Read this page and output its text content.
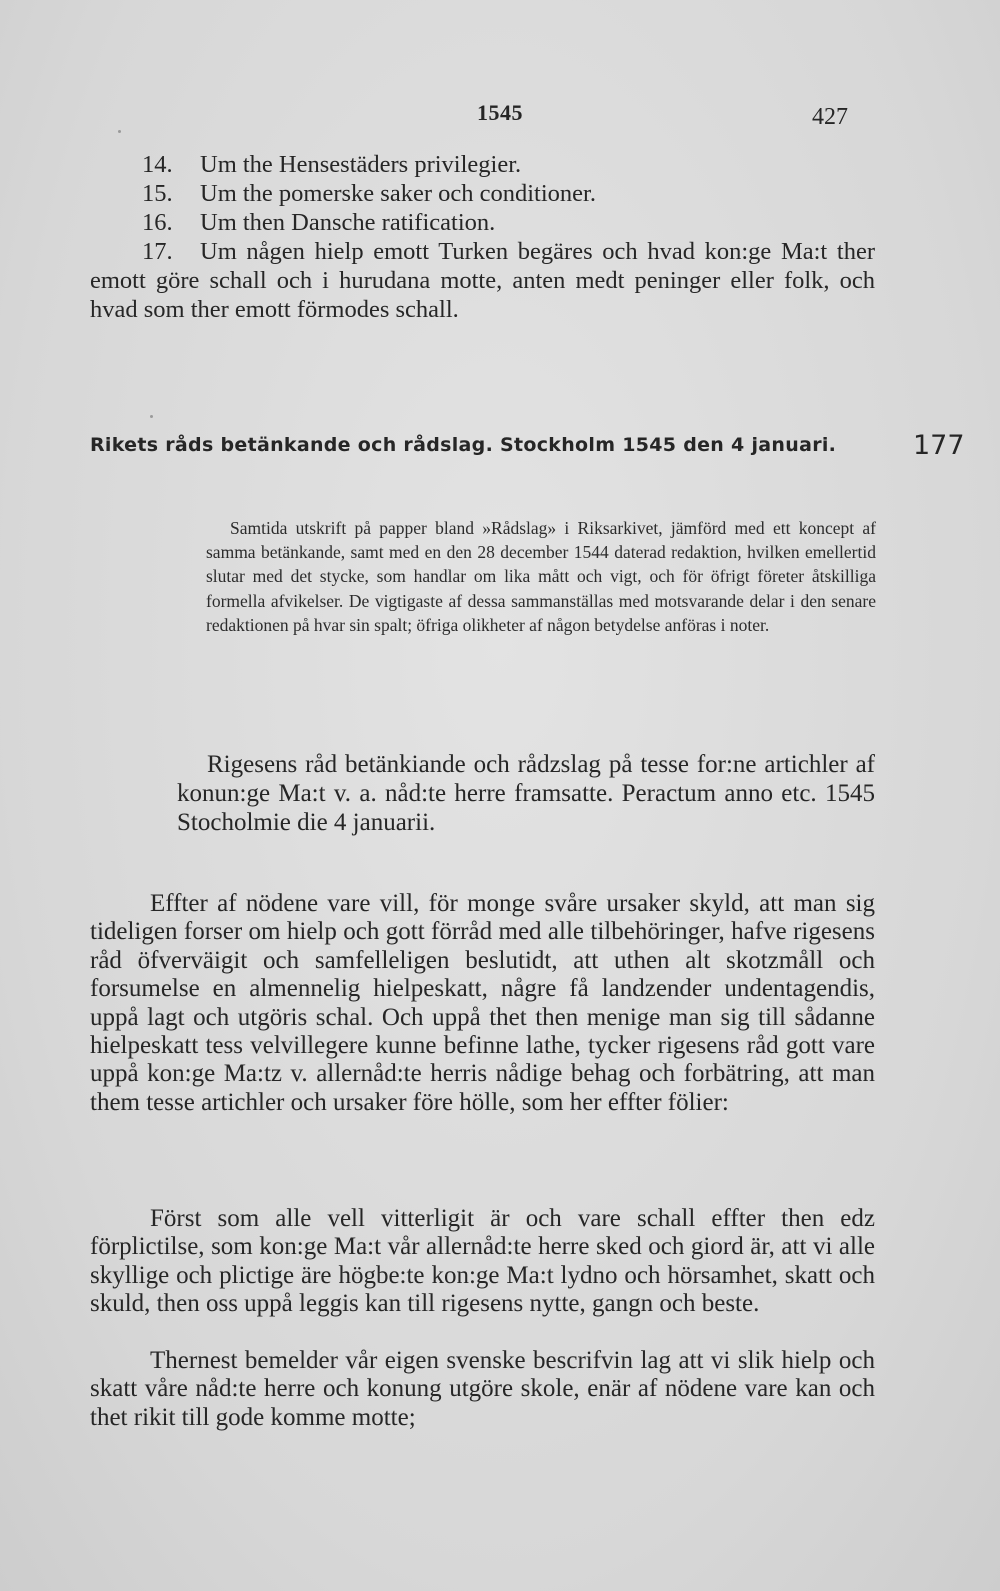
1545	427

14. Um the Hensestäders privilegier.

15. Um the pomerske saker och conditioner.

16. Um then Dansche ratification.

17. Um någen hielp emott Turken begäres och hvad kon:ge Ma:t ther emott göre schall och i hurudana motte, anten medt peninger eller folk, och hvad som ther emott förmodes schall.

Rikets råds betänkande och rådslag. Stockholm 1545 den 4 januari.	177
Samtida utskrift på papper bland »Rådslag» i Riksarkivet, jämförd med ett koncept af samma betänkande, samt med en den 28 december 1544 daterad redaktion, hvilken emellertid slutar med det stycke, som handlar om lika mått och vigt, och för öfrigt företer åtskilliga formella afvikelser. De vigtigaste af dessa sammanställas med motsvarande delar i den senare redaktionen på hvar sin spalt; öfriga olikheter af någon betydelse anföras i noter.
Rigesens råd betänkiande och rådzslag på tesse for:ne artichler af konun:ge Ma:t v. a. nåd:te herre framsatte. Peractum anno etc. 1545 Stocholmie die 4 januarii.

Effter af nödene vare vill, för monge svåre ursaker skyld, att man sig tideligen forser om hielp och gott förråd med alle tilbehöringer, hafve rigesens råd öfverväigit och samfelleligen beslutidt, att uthen alt skotzmåll och forsumelse en almennelig hielpeskatt, någre få landzender undentagendis, uppå lagt och utgöris schal. Och uppå thet then menige man sig till sådanne hielpeskatt tess velvillegere kunne befinne lathe, tycker rigesens råd gott vare uppå kon:ge Ma:tz v. allernåd:te herris nådige behag och forbätring, att man them tesse artichler och ursaker före hölle, som her effter fölier:

Först som alle vell vitterligit är och vare schall effter then edz förplictilse, som kon:ge Ma:t vår allernåd:te herre sked och giord är, att vi alle skyllige och plictige äre högbe:te kon:ge Ma:t lydno och hörsamhet, skatt och skuld, then oss uppå leggis kan till rigesens nytte, gangn och beste.

Thernest bemelder vår eigen svenske bescrifvin lag att vi slik hielp och skatt våre nåd:te herre och konung utgöre skole, enär af nödene vare kan och thet rikit till gode komme motte;
